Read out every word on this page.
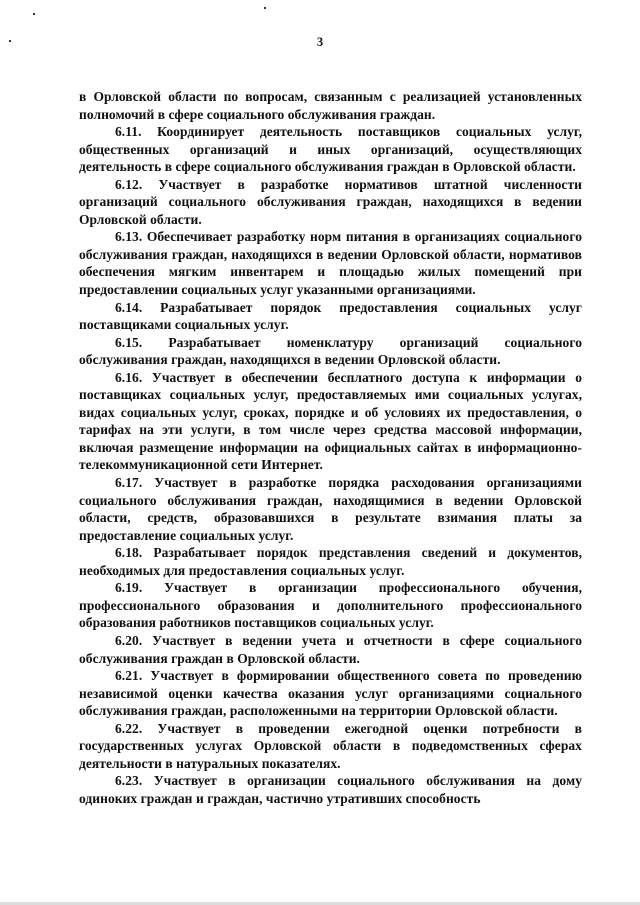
3

в Орловской области по вопросам, связанным с реализацией установленных полномочий в сфере социального обслуживания граждан.

6.11. Координирует деятельность поставщиков социальных услуг, общественных организаций и иных организаций, осуществляющих деятельность в сфере социального обслуживания граждан в Орловской области.

6.12. Участвует в разработке нормативов штатной численности организаций социального обслуживания граждан, находящихся в ведении Орловской области.

6.13. Обеспечивает разработку норм питания в организациях социального обслуживания граждан, находящихся в ведении Орловской области, нормативов обеспечения мягким инвентарем и площадью жилых помещений при предоставлении социальных услуг указанными организациями.

6.14. Разрабатывает порядок предоставления социальных услуг поставщиками социальных услуг.

6.15. Разрабатывает номенклатуру организаций социального обслуживания граждан, находящихся в ведении Орловской области.

6.16. Участвует в обеспечении бесплатного доступа к информации о поставщиках социальных услуг, предоставляемых ими социальных услугах, видах социальных услуг, сроках, порядке и об условиях их предоставления, о тарифах на эти услуги, в том числе через средства массовой информации, включая размещение информации на официальных сайтах в информационно-телекоммуникационной сети Интернет.

6.17. Участвует в разработке порядка расходования организациями социального обслуживания граждан, находящимися в ведении Орловской области, средств, образовавшихся в результате взимания платы за предоставление социальных услуг.

6.18. Разрабатывает порядок представления сведений и документов, необходимых для предоставления социальных услуг.

6.19. Участвует в организации профессионального обучения, профессионального образования и дополнительного профессионального образования работников поставщиков социальных услуг.

6.20. Участвует в ведении учета и отчетности в сфере социального обслуживания граждан в Орловской области.

6.21. Участвует в формировании общественного совета по проведению независимой оценки качества оказания услуг организациями социального обслуживания граждан, расположенными на территории Орловской области.

6.22. Участвует в проведении ежегодной оценки потребности в государственных услугах Орловской области в подведомственных сферах деятельности в натуральных показателях.

6.23. Участвует в организации социального обслуживания на дому одиноких граждан и граждан, частично утративших способность
